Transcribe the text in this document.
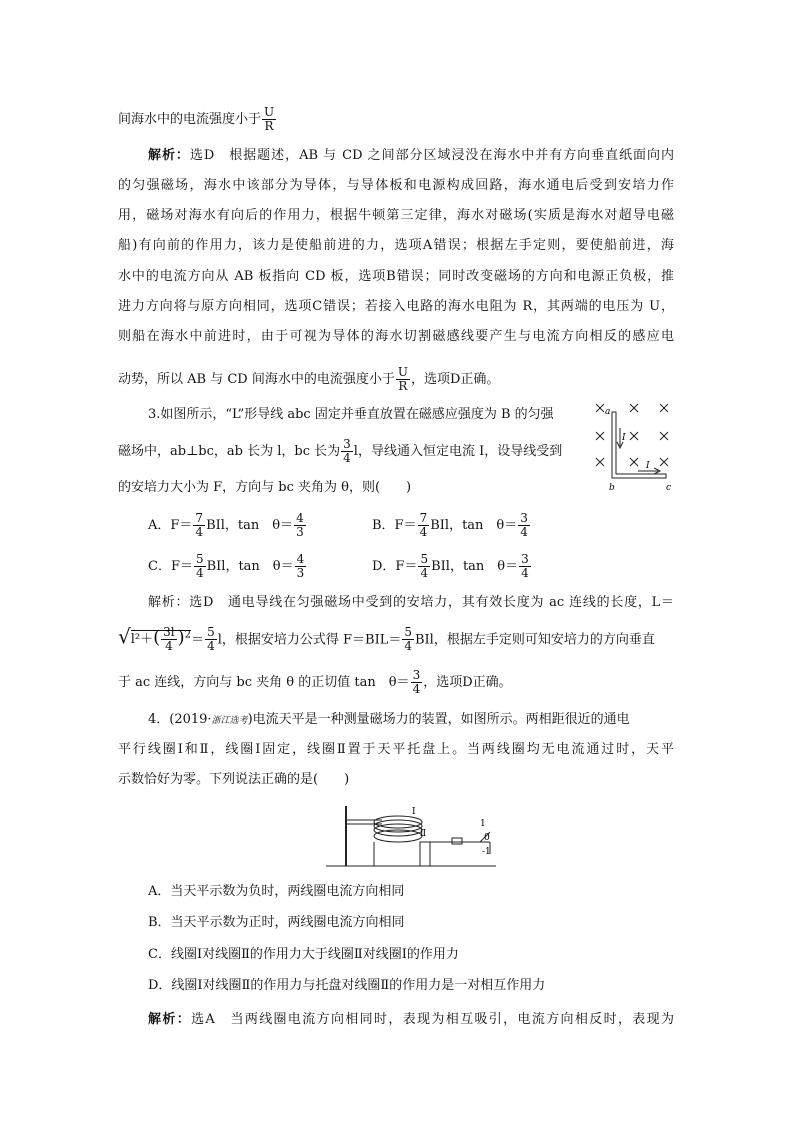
间海水中的电流强度小于 $\frac{U}{R}$
解析：选D　根据题述，AB 与 CD 之间部分区域浸没在海水中并有方向垂直纸面向内
的匀强磁场，海水中该部分为导体，与导体板和电源构成回路，海水通电后受到安培力作
用，磁场对海水有向后的作用力，根据牛顿第三定律，海水对磁场(实质是海水对超导电磁
船)有向前的作用力，该力是使船前进的力，选项A错误；根据左手定则，要使船前进，海
水中的电流方向从 AB 板指向 CD 板，选项B错误；同时改变磁场的方向和电源正负极，推
进力方向将与原方向相同，选项C错误；若接入电路的海水电阻为 R，其两端的电压为 U，
则船在海水中前进时，由于可视为导体的海水切割磁感线要产生与电流方向相反的感应电
动势，所以 AB 与 CD 间海水中的电流强度小于 $\frac{U}{R}$ ，选项D正确。
3.如图所示，“L”形导线 abc 固定并垂直放置在磁感应强度为 B 的匀强
磁场中，ab⊥bc，ab 长为 l，bc 长为 $\frac{3}{4}$ l，导线通入恒定电流 I，设导线受到
的安培力大小为 F，方向与 bc 夹角为 θ，则(　　)
a
I
b
I
c
A．$F= \frac{7}{4}$ BIl，tan　$\theta= \frac{4}{3}$	B．$F= \frac{7}{4}$ BIl，tan　$\theta= \frac{3}{4}$
C．$F= \frac{5}{4}$ BIl，tan　$\theta= \frac{4}{3}$	D．$F= \frac{5}{4}$ BIl，tan　$\theta= \frac{3}{4}$
解析：选D　通电导线在匀强磁场中受到的安培力，其有效长度为 ac 连线的长度，L＝
$√l^2+( \frac{3l}{4} )^2= \frac{5}{4}$ l，根据安培力公式得 $F=BIL= \frac{5}{4}$ BIl，根据左手定则可知安培力的方向垂直
于 ac 连线，方向与 bc 夹角 θ 的正切值 tan　$\theta= \frac{3}{4}$ ，选项D正确。
4．(2019·浙江选考)电流天平是一种测量磁场力的装置，如图所示。两相距很近的通电
平行线圈Ⅰ和Ⅱ，线圈Ⅰ固定，线圈Ⅱ置于天平托盘上。当两线圈均无电流通过时，天平
示数恰好为零。下列说法正确的是(　　)
Ⅰ
Ⅱ
1
0
-1
A．当天平示数为负时，两线圈电流方向相同
B．当天平示数为正时，两线圈电流方向相同
C．线圈Ⅰ对线圈Ⅱ的作用力大于线圈Ⅱ对线圈Ⅰ的作用力
D．线圈Ⅰ对线圈Ⅱ的作用力与托盘对线圈Ⅱ的作用力是一对相互作用力
解析：选A　当两线圈电流方向相同时，表现为相互吸引，电流方向相反时，表现为
